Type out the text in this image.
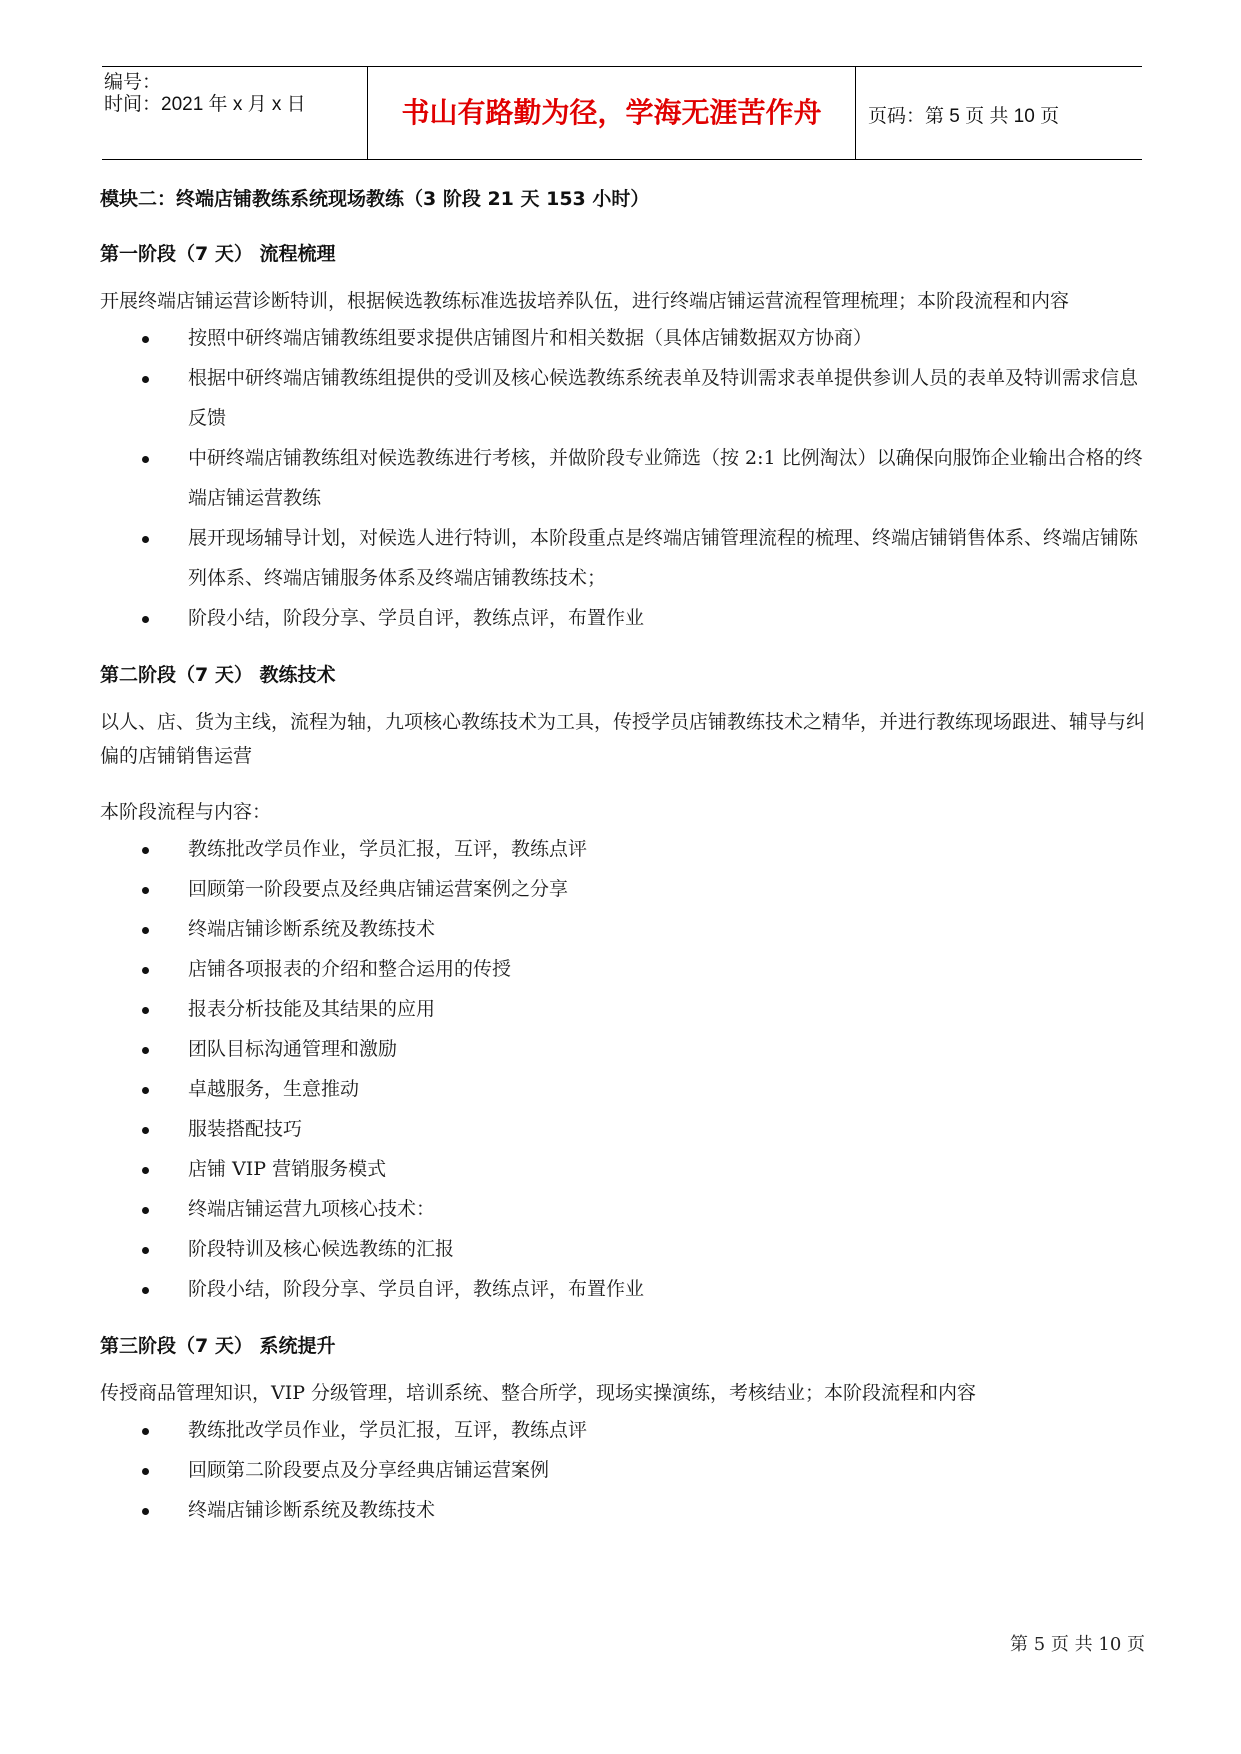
编号：
时间：2021 年 x 月 x 日	书山有路勤为径，学海无涯苦作舟	页码：第 5 页 共 10 页
模块二：终端店铺教练系统现场教练（3 阶段 21 天 153 小时）
第一阶段（7 天） 流程梳理
开展终端店铺运营诊断特训，根据候选教练标准选拔培养队伍，进行终端店铺运营流程管理梳理；本阶段流程和内容
按照中研终端店铺教练组要求提供店铺图片和相关数据（具体店铺数据双方协商）
根据中研终端店铺教练组提供的受训及核心候选教练系统表单及特训需求表单提供参训人员的表单及特训需求信息反馈
中研终端店铺教练组对候选教练进行考核，并做阶段专业筛选（按 2:1 比例淘汰）以确保向服饰企业输出合格的终端店铺运营教练
展开现场辅导计划，对候选人进行特训，本阶段重点是终端店铺管理流程的梳理、终端店铺销售体系、终端店铺陈列体系、终端店铺服务体系及终端店铺教练技术；
阶段小结，阶段分享、学员自评，教练点评，布置作业
第二阶段（7 天） 教练技术
以人、店、货为主线，流程为轴，九项核心教练技术为工具，传授学员店铺教练技术之精华，并进行教练现场跟进、辅导与纠偏的店铺销售运营
本阶段流程与内容：
教练批改学员作业，学员汇报，互评，教练点评
回顾第一阶段要点及经典店铺运营案例之分享
终端店铺诊断系统及教练技术
店铺各项报表的介绍和整合运用的传授
报表分析技能及其结果的应用
团队目标沟通管理和激励
卓越服务，生意推动
服装搭配技巧
店铺 VIP 营销服务模式
终端店铺运营九项核心技术：
阶段特训及核心候选教练的汇报
阶段小结，阶段分享、学员自评，教练点评，布置作业
第三阶段（7 天） 系统提升
传授商品管理知识，VIP 分级管理，培训系统、整合所学，现场实操演练，考核结业；本阶段流程和内容
教练批改学员作业，学员汇报，互评，教练点评
回顾第二阶段要点及分享经典店铺运营案例
终端店铺诊断系统及教练技术
第 5 页 共 10 页
